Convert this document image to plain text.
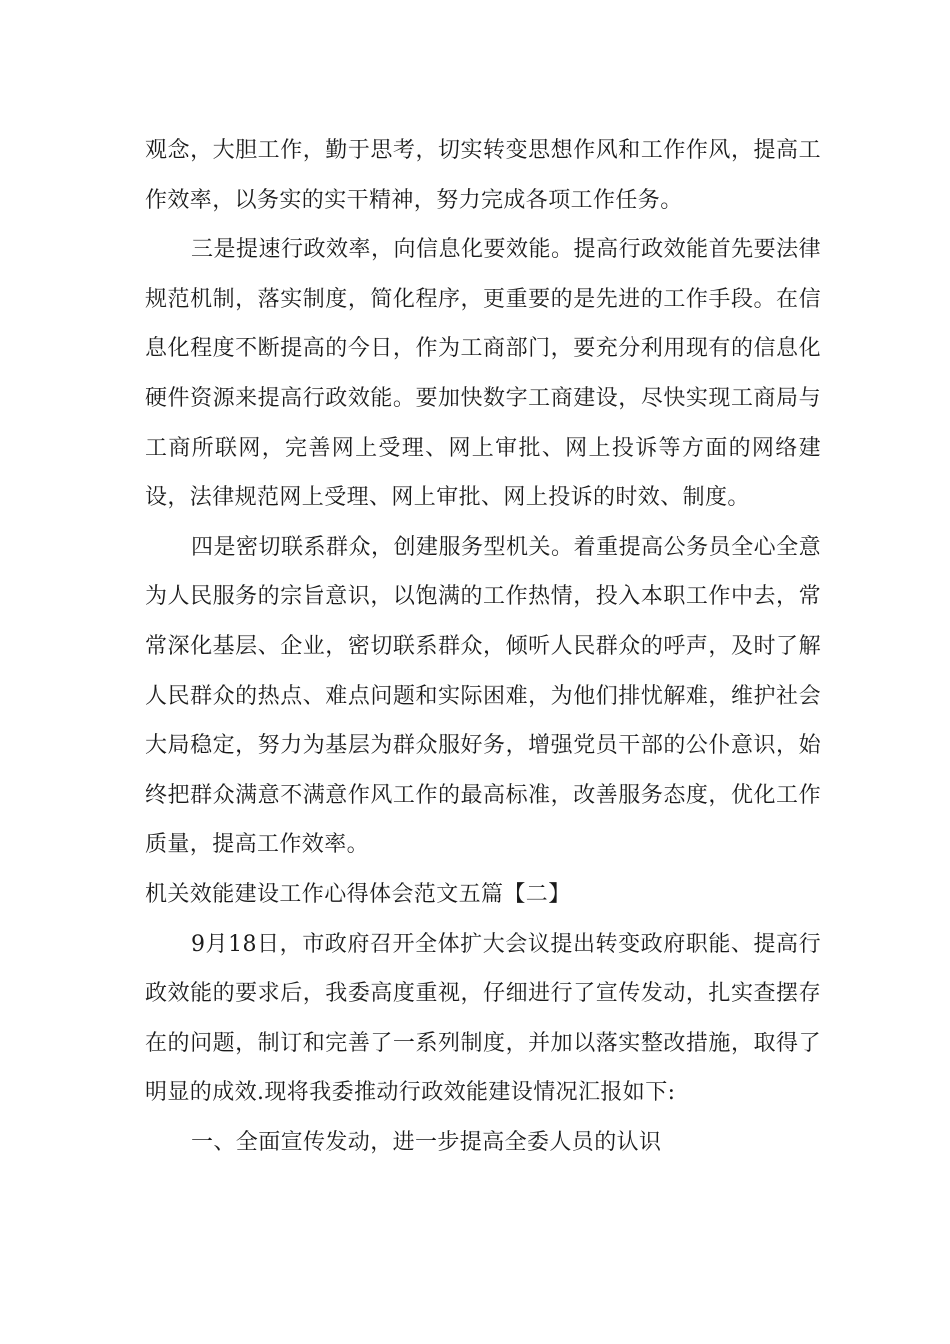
观念，大胆工作，勤于思考，切实转变思想作风和工作作风，提高工作效率，以务实的实干精神，努力完成各项工作任务。

三是提速行政效率，向信息化要效能。提高行政效能首先要法律规范机制，落实制度，简化程序，更重要的是先进的工作手段。在信息化程度不断提高的今日，作为工商部门，要充分利用现有的信息化硬件资源来提高行政效能。要加快数字工商建设，尽快实现工商局与工商所联网，完善网上受理、网上审批、网上投诉等方面的网络建设，法律规范网上受理、网上审批、网上投诉的时效、制度。

四是密切联系群众，创建服务型机关。着重提高公务员全心全意为人民服务的宗旨意识，以饱满的工作热情，投入本职工作中去，常常深化基层、企业，密切联系群众，倾听人民群众的呼声，及时了解人民群众的热点、难点问题和实际困难，为他们排忧解难，维护社会大局稳定，努力为基层为群众服好务，增强党员干部的公仆意识，始终把群众满意不满意作风工作的最高标准，改善服务态度，优化工作质量，提高工作效率。

机关效能建设工作心得体会范文五篇【二】

9月18日，市政府召开全体扩大会议提出转变政府职能、提高行政效能的要求后，我委高度重视，仔细进行了宣传发动，扎实查摆存在的问题，制订和完善了一系列制度，并加以落实整改措施，取得了明显的成效.现将我委推动行政效能建设情况汇报如下:

一、全面宣传发动，进一步提高全委人员的认识
